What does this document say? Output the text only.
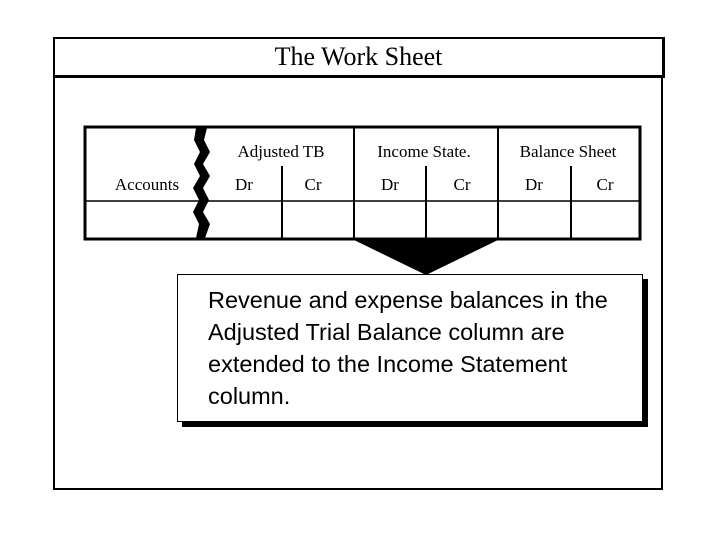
The Work Sheet
Accounts
Adjusted TB
Dr	Cr
Income State.
Dr	Cr
Balance Sheet
Dr	Cr
Revenue and expense balances in the Adjusted Trial Balance column are extended to the Income Statement column.
